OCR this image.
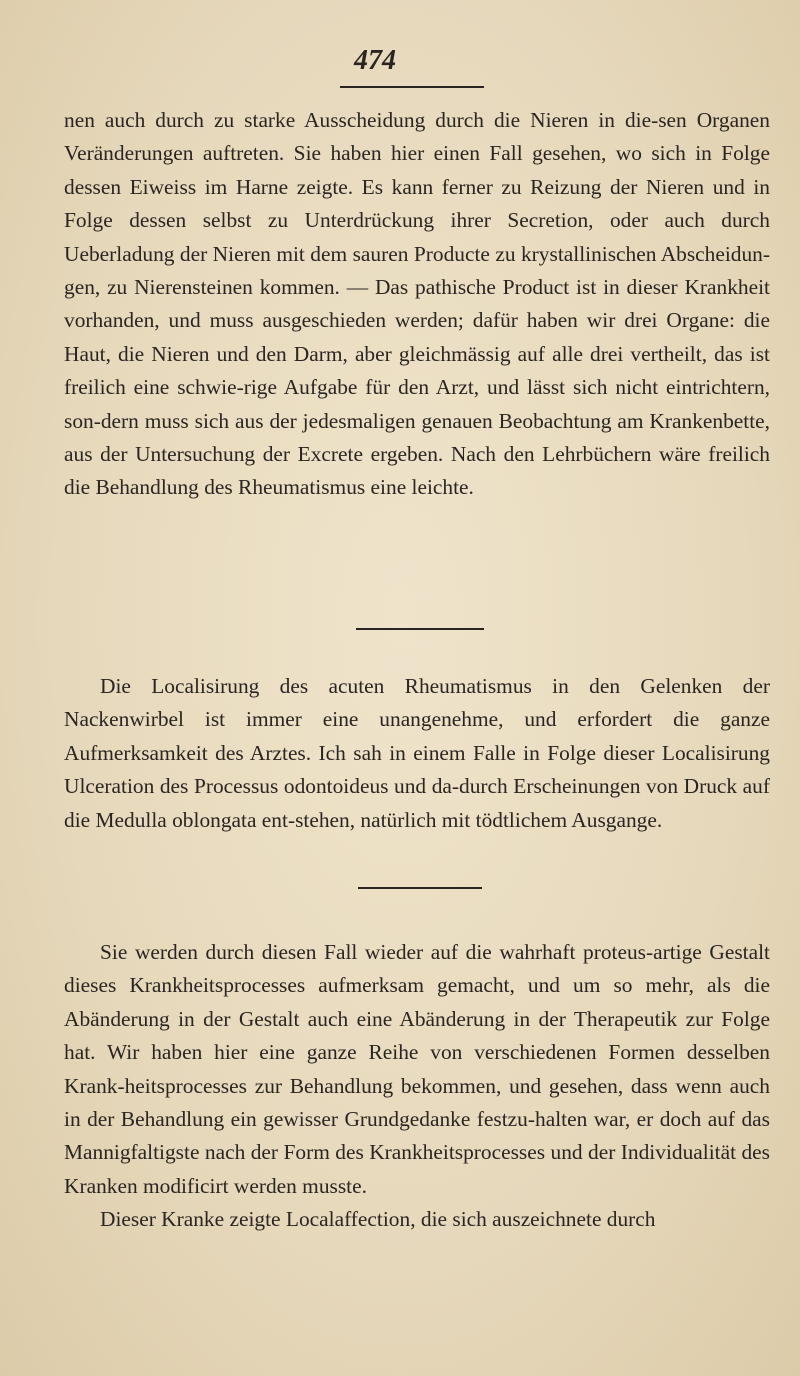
474

nen auch durch zu starke Ausscheidung durch die Nieren in die-sen Organen Veränderungen auftreten. Sie haben hier einen Fall gesehen, wo sich in Folge dessen Eiweiss im Harne zeigte. Es kann ferner zu Reizung der Nieren und in Folge dessen selbst zu Unterdrückung ihrer Secretion, oder auch durch Ueberladung der Nieren mit dem sauren Producte zu krystallinischen Abscheidun-gen, zu Nierensteinen kommen. — Das pathische Product ist in dieser Krankheit vorhanden, und muss ausgeschieden werden; dafür haben wir drei Organe: die Haut, die Nieren und den Darm, aber gleichmässig auf alle drei vertheilt, das ist freilich eine schwie-rige Aufgabe für den Arzt, und lässt sich nicht eintrichtern, son-dern muss sich aus der jedesmaligen genauen Beobachtung am Krankenbette, aus der Untersuchung der Excrete ergeben. Nach den Lehrbüchern wäre freilich die Behandlung des Rheumatismus eine leichte.

Die Localisirung des acuten Rheumatismus in den Gelenken der Nackenwirbel ist immer eine unangenehme, und erfordert die ganze Aufmerksamkeit des Arztes. Ich sah in einem Falle in Folge dieser Localisirung Ulceration des Processus odontoideus und da-durch Erscheinungen von Druck auf die Medulla oblongata ent-stehen, natürlich mit tödtlichem Ausgange.

Sie werden durch diesen Fall wieder auf die wahrhaft proteus-artige Gestalt dieses Krankheitsprocesses aufmerksam gemacht, und um so mehr, als die Abänderung in der Gestalt auch eine Abänderung in der Therapeutik zur Folge hat. Wir haben hier eine ganze Reihe von verschiedenen Formen desselben Krank-heitsprocesses zur Behandlung bekommen, und gesehen, dass wenn auch in der Behandlung ein gewisser Grundgedanke festzu-halten war, er doch auf das Mannigfaltigste nach der Form des Krankheitsprocesses und der Individualität des Kranken modificirt werden musste.

Dieser Kranke zeigte Localaffection, die sich auszeichnete durch
